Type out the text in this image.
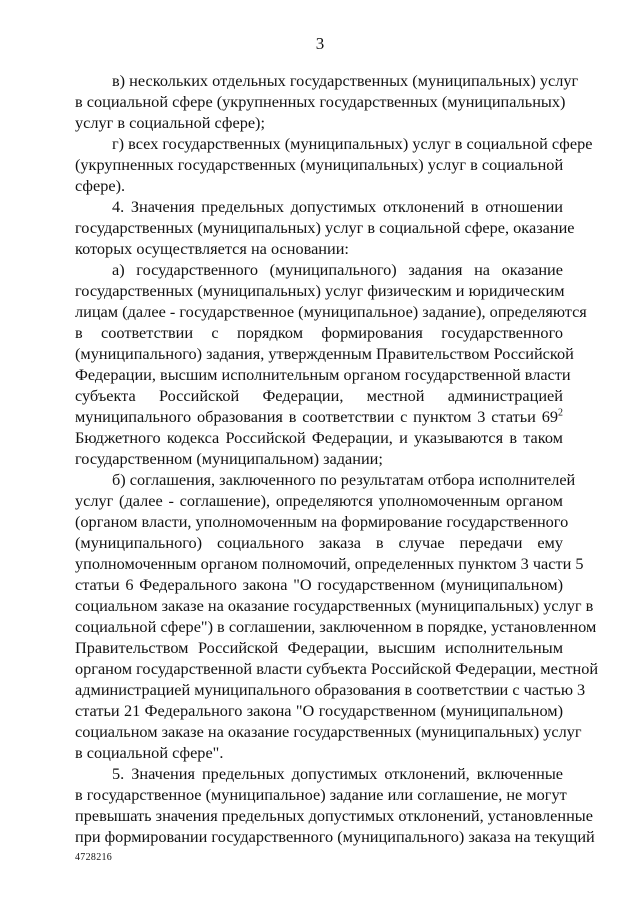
3
в) нескольких отдельных государственных (муниципальных) услуг
в социальной сфере (укрупненных государственных (муниципальных)
услуг в социальной сфере);
г) всех государственных (муниципальных) услуг в социальной сфере
(укрупненных государственных (муниципальных) услуг в социальной
сфере).
4. Значения предельных допустимых отклонений в отношении
государственных (муниципальных) услуг в социальной сфере, оказание
которых осуществляется на основании:
а) государственного (муниципального) задания на оказание
государственных (муниципальных) услуг физическим и юридическим
лицам (далее - государственное (муниципальное) задание), определяются
в соответствии с порядком формирования государственного
(муниципального) задания, утвержденным Правительством Российской
Федерации, высшим исполнительным органом государственной власти
субъекта Российской Федерации, местной администрацией
муниципального образования в соответствии с пунктом 3 статьи $69^2$
Бюджетного кодекса Российской Федерации, и указываются в таком
государственном (муниципальном) задании;
б) соглашения, заключенного по результатам отбора исполнителей
услуг (далее - соглашение), определяются уполномоченным органом
(органом власти, уполномоченным на формирование государственного
(муниципального) социального заказа в случае передачи ему
уполномоченным органом полномочий, определенных пунктом 3 части 5
статьи 6 Федерального закона "О государственном (муниципальном)
социальном заказе на оказание государственных (муниципальных) услуг в
социальной сфере") в соглашении, заключенном в порядке, установленном
Правительством Российской Федерации, высшим исполнительным
органом государственной власти субъекта Российской Федерации, местной
администрацией муниципального образования в соответствии с частью 3
статьи 21 Федерального закона "О государственном (муниципальном)
социальном заказе на оказание государственных (муниципальных) услуг
в социальной сфере".
5. Значения предельных допустимых отклонений, включенные
в государственное (муниципальное) задание или соглашение, не могут
превышать значения предельных допустимых отклонений, установленные
при формировании государственного (муниципального) заказа на текущий
4728216
